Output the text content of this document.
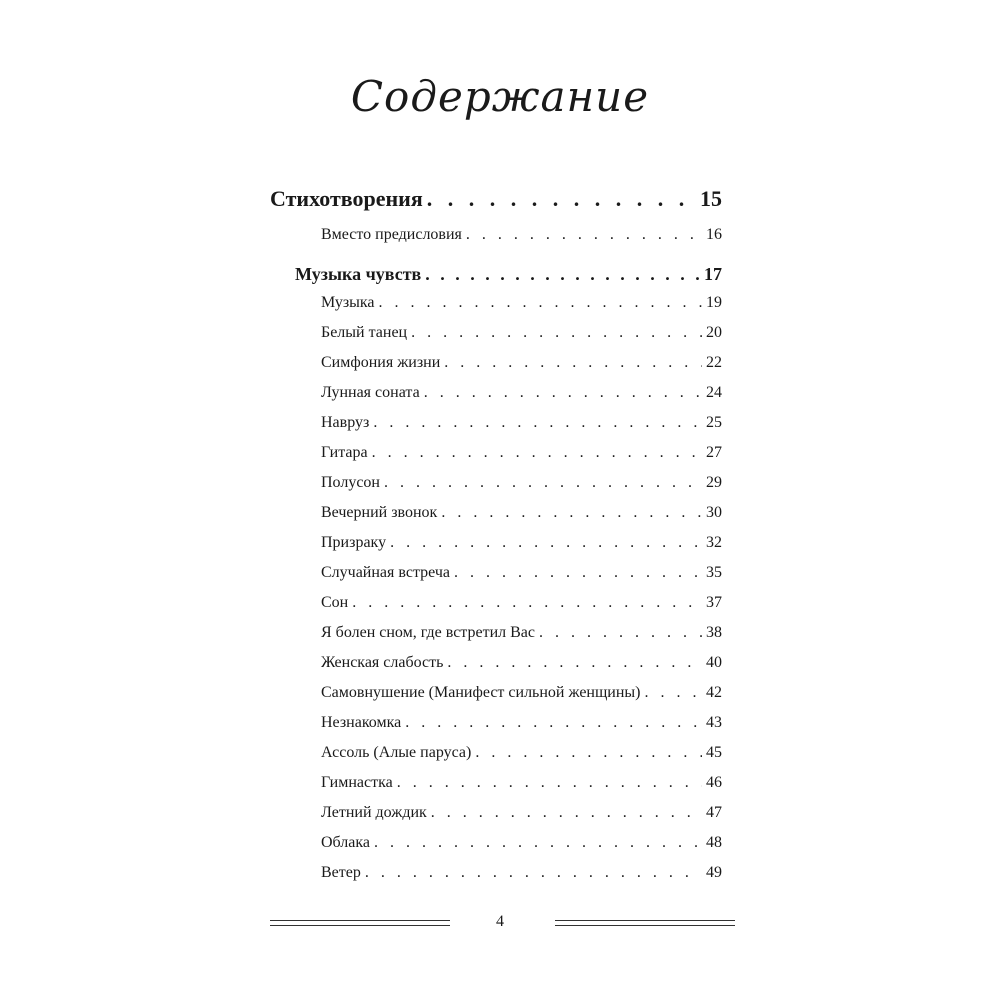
Содержание
Стихотворения . . .	15
Вместо предисловия . . .	16
Музыка чувств . . .	17
Музыка . . .	19
Белый танец . . .	20
Симфония жизни . . .	22
Лунная соната . . .	24
Навруз . . .	25
Гитара . . .	27
Полусон . . .	29
Вечерний звонок . . .	30
Призраку . . .	32
Случайная встреча . . .	35
Сон . . .	37
Я болен сном, где встретил Вас . . .	38
Женская слабость . . .	40
Самовнушение (Манифест сильной женщины) . . .	42
Незнакомка . . .	43
Ассоль (Алые паруса) . . .	45
Гимнастка . . .	46
Летний дождик . . .	47
Облака . . .	48
Ветер . . .	49
4
